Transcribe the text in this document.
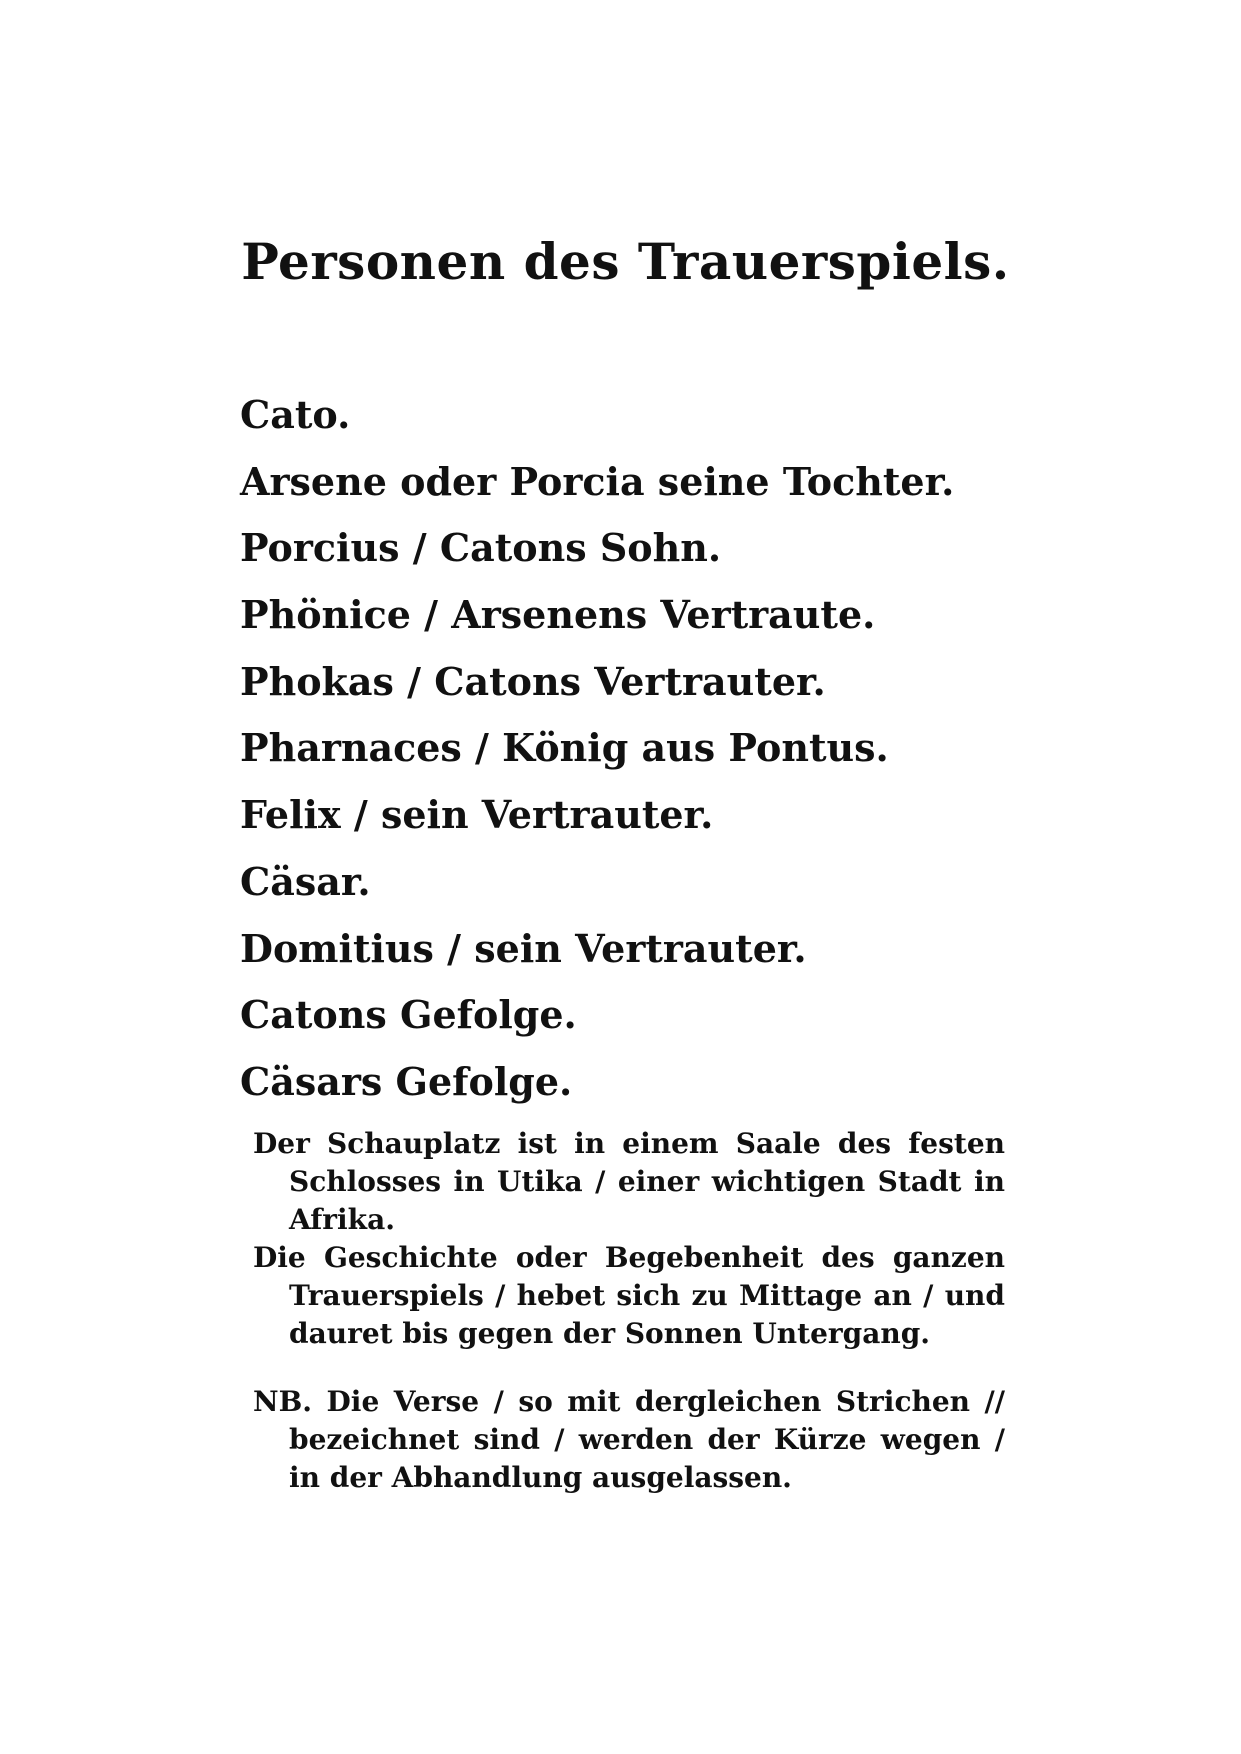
Personen des Trauerspiels.
Cato.
Arsene oder Porcia seine Tochter.
Porcius / Catons Sohn.
Phönice / Arsenens Vertraute.
Phokas / Catons Vertrauter.
Pharnaces / König aus Pontus.
Felix / sein Vertrauter.
Cäsar.
Domitius / sein Vertrauter.
Catons Gefolge.
Cäsars Gefolge.

Der Schauplatz ist in einem Saale des festen Schlosses in Utika / einer wichtigen Stadt in Afrika.

Die Geschichte oder Begebenheit des ganzen Trauerspiels / hebet sich zu Mittage an / und dauret bis gegen der Sonnen Untergang.

NB. Die Verse / so mit dergleichen Strichen // bezeichnet sind / werden der Kürze wegen / in der Abhandlung ausgelassen.
